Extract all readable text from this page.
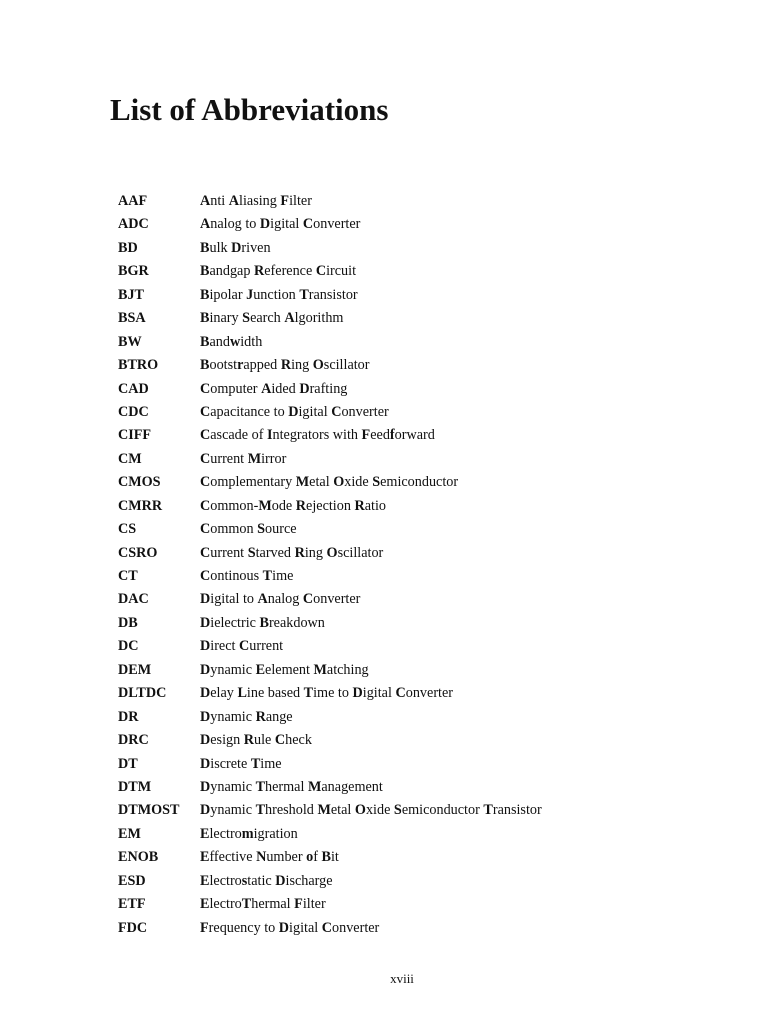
List of Abbreviations
AAF	Anti Aliasing Filter
ADC	Analog to Digital Converter
BD	Bulk Driven
BGR	Bandgap Reference Circuit
BJT	Bipolar Junction Transistor
BSA	Binary Search Algorithm
BW	Bandwidth
BTRO	Bootstrapped Ring Oscillator
CAD	Computer Aided Drafting
CDC	Capacitance to Digital Converter
CIFF	Cascade of Integrators with Feedforward
CM	Current Mirror
CMOS	Complementary Metal Oxide Semiconductor
CMRR	Common-Mode Rejection Ratio
CS	Common Source
CSRO	Current Starved Ring Oscillator
CT	Continous Time
DAC	Digital to Analog Converter
DB	Dielectric Breakdown
DC	Direct Current
DEM	Dynamic Eelement Matching
DLTDC	Delay Line based Time to Digital Converter
DR	Dynamic Range
DRC	Design Rule Check
DT	Discrete Time
DTM	Dynamic Thermal Management
DTMOST	Dynamic Threshold Metal Oxide Semiconductor Transistor
EM	Electromigration
ENOB	Effective Number of Bit
ESD	Electrostatic Discharge
ETF	ElectroThermal Filter
FDC	Frequency to Digital Converter
xviii
